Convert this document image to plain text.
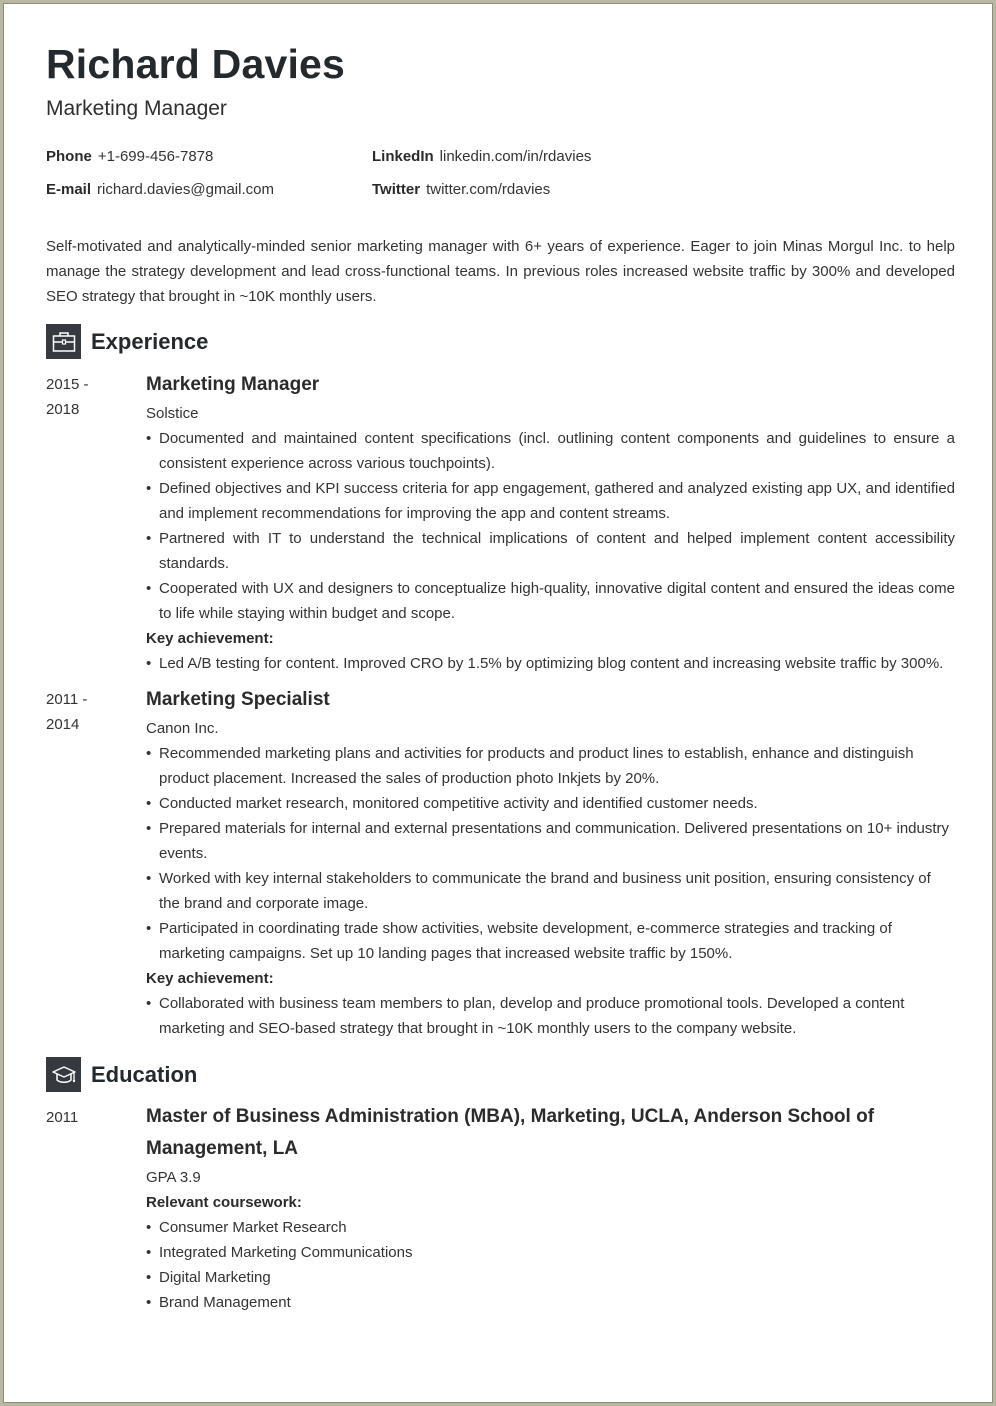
Richard Davies
Marketing Manager
Phone +1-699-456-7878	LinkedIn linkedin.com/in/rdavies
E-mail richard.davies@gmail.com	Twitter twitter.com/rdavies
Self-motivated and analytically-minded senior marketing manager with 6+ years of experience. Eager to join Minas Morgul Inc. to help manage the strategy development and lead cross-functional teams. In previous roles increased website traffic by 300% and developed SEO strategy that brought in ~10K monthly users.
Experience
2015 -
2018
Marketing Manager
Solstice
• Documented and maintained content specifications (incl. outlining content components and guidelines to ensure a consistent experience across various touchpoints).
• Defined objectives and KPI success criteria for app engagement, gathered and analyzed existing app UX, and identified and implement recommendations for improving the app and content streams.
• Partnered with IT to understand the technical implications of content and helped implement content accessibility standards.
• Cooperated with UX and designers to conceptualize high-quality, innovative digital content and ensured the ideas come to life while staying within budget and scope.
Key achievement:
• Led A/B testing for content. Improved CRO by 1.5% by optimizing blog content and increasing website traffic by 300%.
2011 -
2014
Marketing Specialist
Canon Inc.
• Recommended marketing plans and activities for products and product lines to establish, enhance and distinguish product placement. Increased the sales of production photo Inkjets by 20%.
• Conducted market research, monitored competitive activity and identified customer needs.
• Prepared materials for internal and external presentations and communication. Delivered presentations on 10+ industry events.
• Worked with key internal stakeholders to communicate the brand and business unit position, ensuring consistency of the brand and corporate image.
• Participated in coordinating trade show activities, website development, e-commerce strategies and tracking of marketing campaigns. Set up 10 landing pages that increased website traffic by 150%.
Key achievement:
• Collaborated with business team members to plan, develop and produce promotional tools. Developed a content marketing and SEO-based strategy that brought in ~10K monthly users to the company website.
Education
2011	Master of Business Administration (MBA), Marketing, UCLA, Anderson School of Management, LA
GPA 3.9
Relevant coursework:
• Consumer Market Research
• Integrated Marketing Communications
• Digital Marketing
• Brand Management
